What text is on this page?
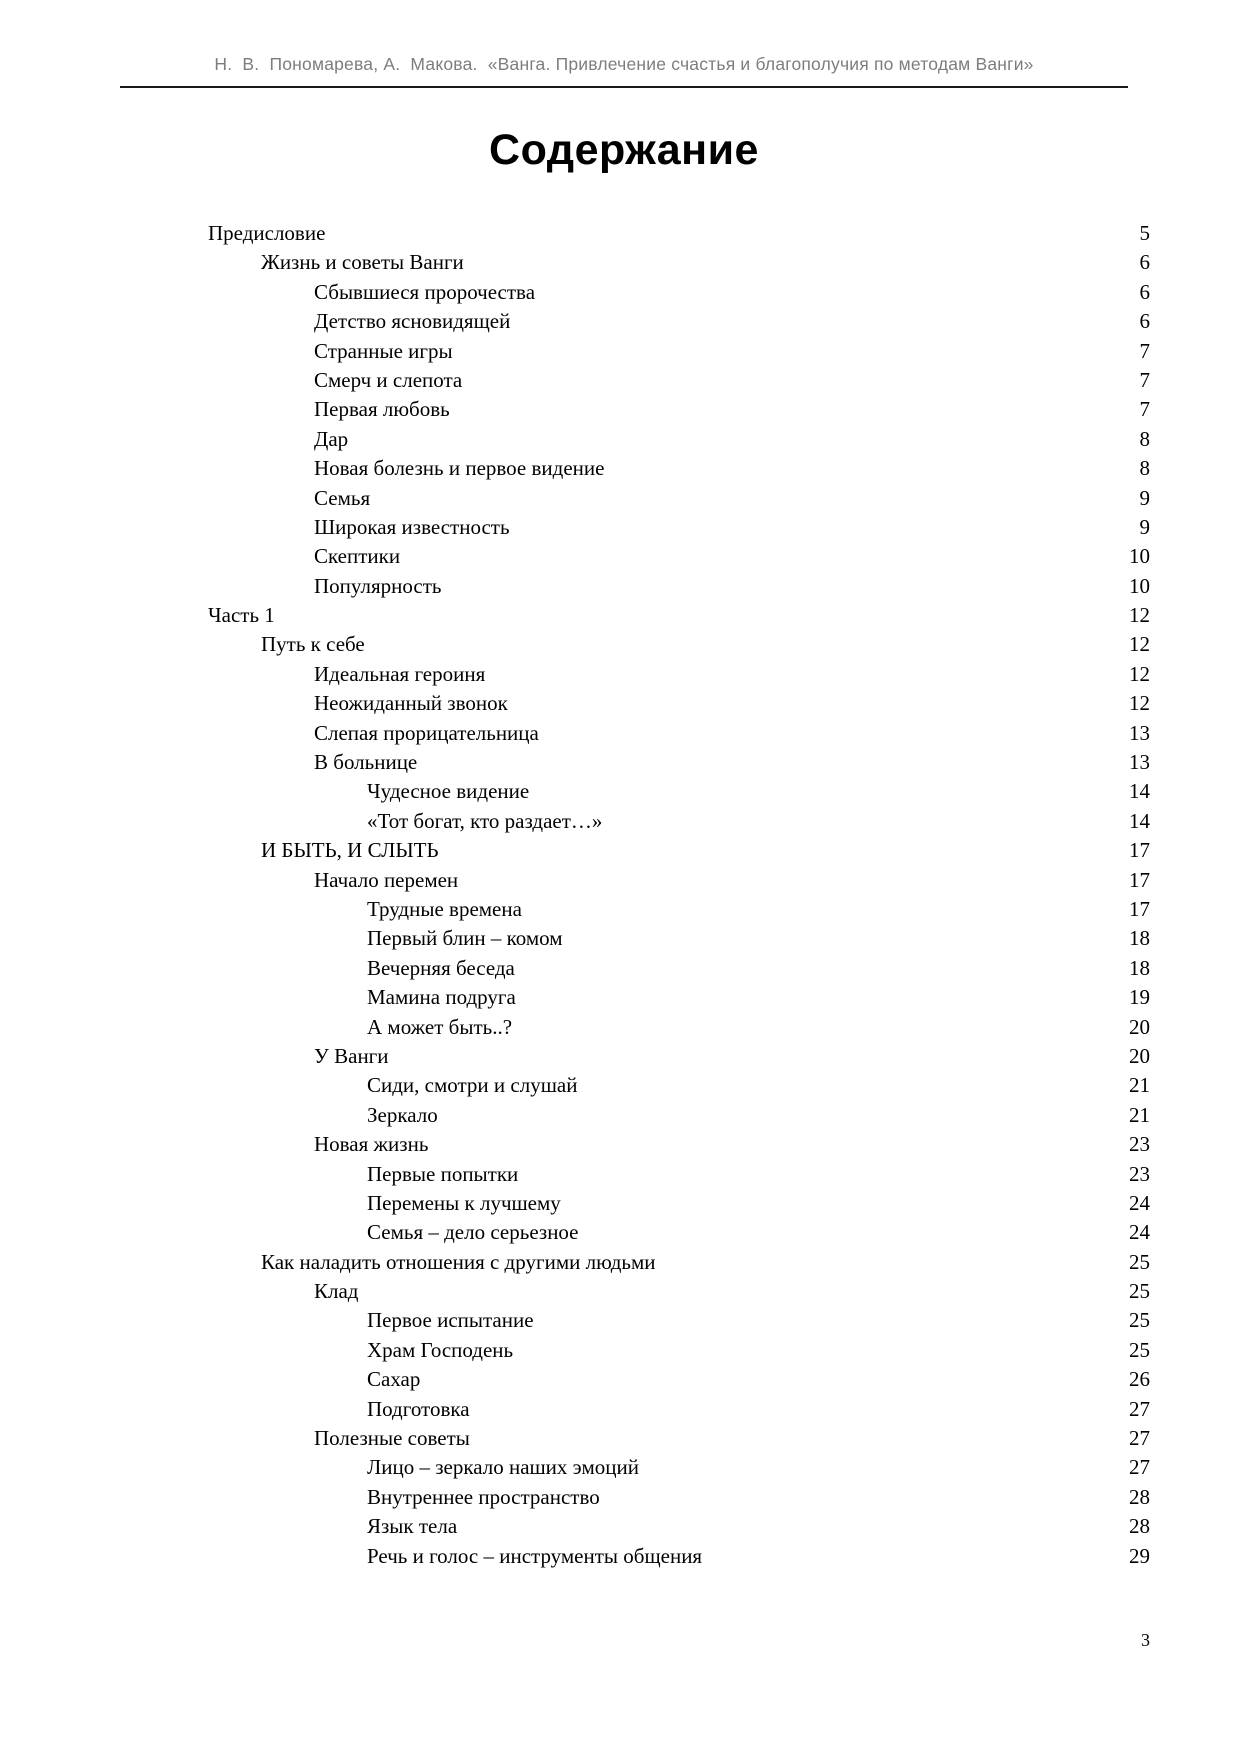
Н.  В.  Пономарева, А.  Макова.  «Ванга. Привлечение счастья и благополучия по методам Ванги»
Содержание
Предисловие	5
Жизнь и советы Ванги	6
Сбывшиеся пророчества	6
Детство ясновидящей	6
Странные игры	7
Смерч и слепота	7
Первая любовь	7
Дар	8
Новая болезнь и первое видение	8
Семья	9
Широкая известность	9
Скептики	10
Популярность	10
Часть 1	12
Путь к себе	12
Идеальная героиня	12
Неожиданный звонок	12
Слепая прорицательница	13
В больнице	13
Чудесное видение	14
«Тот богат, кто раздает…»	14
И БЫТЬ, И СЛЫТЬ	17
Начало перемен	17
Трудные времена	17
Первый блин – комом	18
Вечерняя беседа	18
Мамина подруга	19
А может быть..?	20
У Ванги	20
Сиди, смотри и слушай	21
Зеркало	21
Новая жизнь	23
Первые попытки	23
Перемены к лучшему	24
Семья – дело серьезное	24
Как наладить отношения с другими людьми	25
Клад	25
Первое испытание	25
Храм Господень	25
Сахар	26
Подготовка	27
Полезные советы	27
Лицо – зеркало наших эмоций	27
Внутреннее пространство	28
Язык тела	28
Речь и голос – инструменты общения	29
3
